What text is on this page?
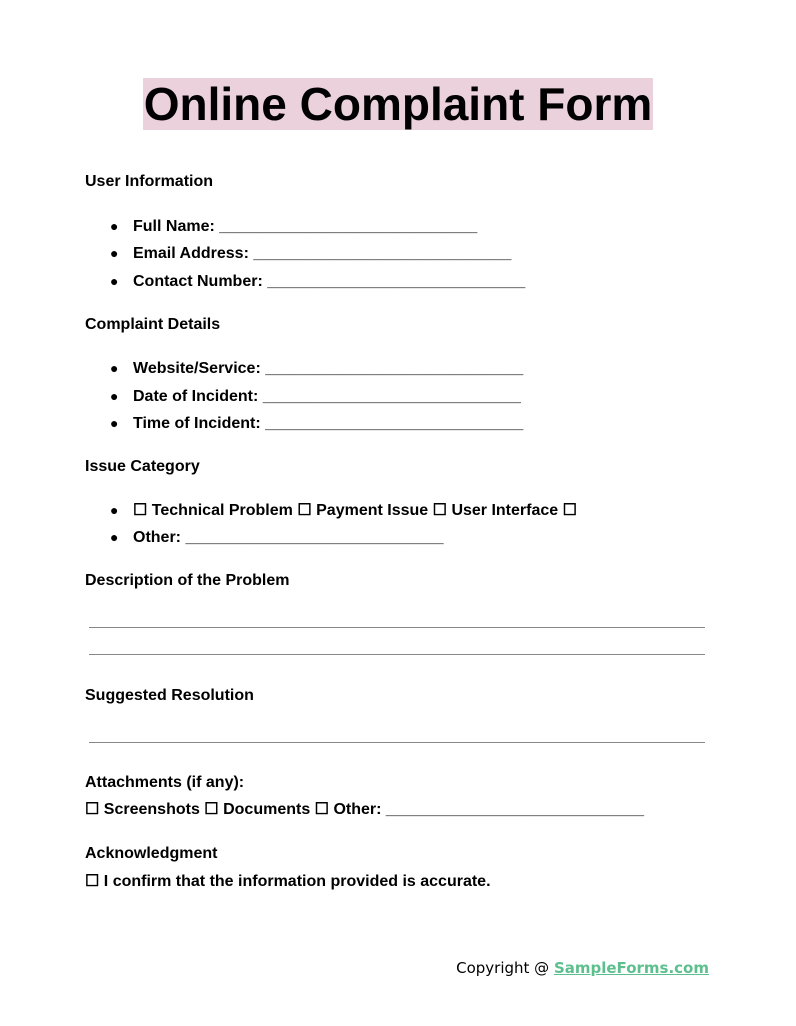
Online Complaint Form
User Information
● Full Name: _____________________________
● Email Address: _____________________________
● Contact Number: _____________________________
Complaint Details
● Website/Service: _____________________________
● Date of Incident: _____________________________
● Time of Incident: _____________________________
Issue Category
● ☐ Technical Problem ☐ Payment Issue ☐ User Interface ☐
● Other: _____________________________
Description of the Problem
Suggested Resolution
Attachments (if any):
☐ Screenshots ☐ Documents ☐ Other: _____________________________
Acknowledgment
☐ I confirm that the information provided is accurate.
Copyright @ SampleForms.com
